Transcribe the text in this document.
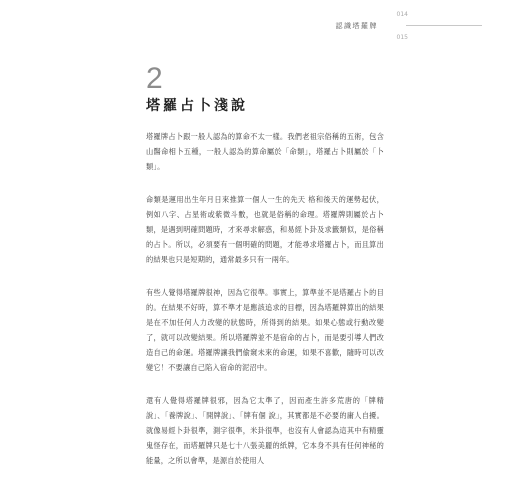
認識塔羅牌
014
015
2
塔羅占卜淺說

塔羅牌占卜跟一般人認為的算命不太一樣。我們老祖宗俗稱的五術，包含山醫命相卜五種，一般人認為的算命屬於「命類」，塔羅占卜則屬於「卜類」。

命類是運用出生年月日來推算一個人一生的先天 格和後天的運勢起伏，例如八字、占星術或紫微斗數，也就是俗稱的命理。塔羅牌則屬於占卜類，是遇到明確問題時，才來尋求解惑，和易經卜卦及求籤類似，是俗稱的占卜。所以，必須要有一個明確的問題，才能尋求塔羅占卜，而且算出的結果也只是短期的，通常最多只有一兩年。

有些人覺得塔羅牌很神，因為它很準。事實上，算準並不是塔羅占卜的目的。在結果不好時，算不準才是應該追求的目標，因為塔羅牌算出的結果是在不加任何人力改變的狀態時，所得到的結果。如果心態或行動改變了，就可以改變結果。所以塔羅牌並不是宿命的占卜，而是要引導人們改造自己的命運。塔羅牌讓我們偷窺未來的命運，如果不喜歡，隨時可以改變它！不要讓自己陷入宿命的泥沼中。

還有人覺得塔羅牌很邪，因為它太準了，因而產生許多荒唐的「牌精說」、「養牌說」、「開牌說」、「牌有個 說」，其實都是不必要的庸人自擾。就像易經卜卦很準，測字很準，米卦很準，也沒有人會認為這其中有精靈鬼怪存在，而塔羅牌只是七十八張美麗的紙牌，它本身不具有任何神秘的能量，之所以會準，是源自於使用人
